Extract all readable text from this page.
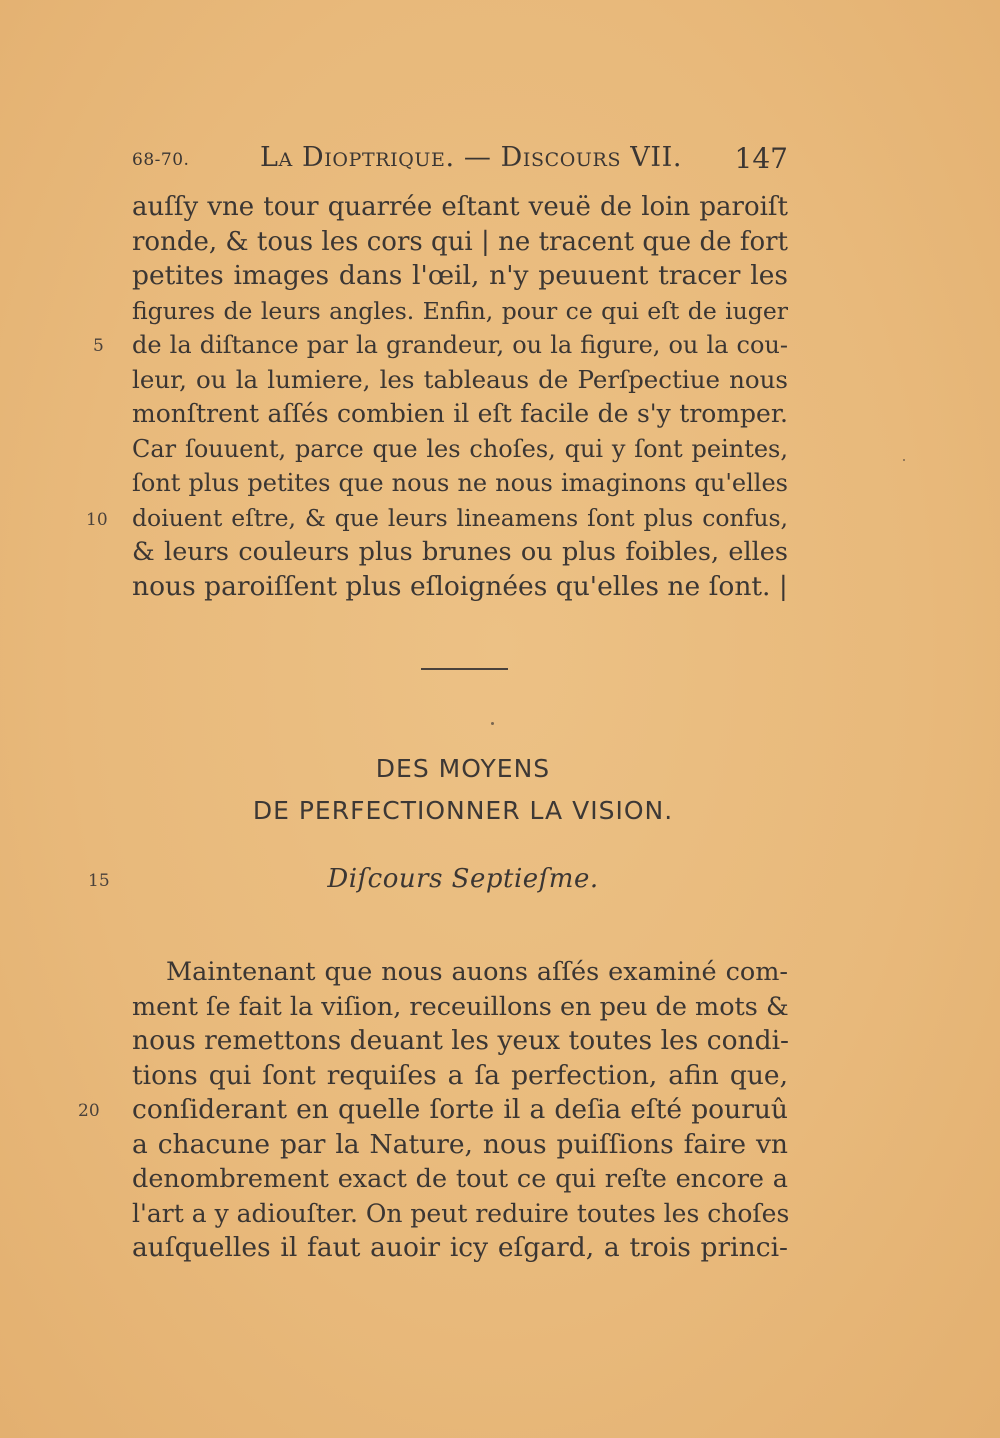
68-70.	La Dioptrique. — Discours VII. 147
auſſy vne tour quarrée eſtant veuë de loin paroiſt
ronde, & tous les cors qui | ne tracent que de fort
petites images dans l'œil, n'y peuuent tracer les
figures de leurs angles. Enfin, pour ce qui eſt de iuger
de la diſtance par la grandeur, ou la figure, ou la cou-
leur, ou la lumiere, les tableaus de Perſpectiue nous
monſtrent aſſés combien il eſt facile de s'y tromper.
Car ſouuent, parce que les choſes, qui y ſont peintes,
ſont plus petites que nous ne nous imaginons qu'elles
doiuent eſtre, & que leurs lineamens ſont plus confus,
& leurs couleurs plus brunes ou plus foibles, elles
nous paroiſſent plus eſloignées qu'elles ne ſont. |
5
10
DES MOYENS
DE PERFECTIONNER LA VISION.
15	Diſcours Septieſme.
Maintenant que nous auons aſſés examiné com-
ment ſe fait la viſion, receuillons en peu de mots &
nous remettons deuant les yeux toutes les condi-
tions qui ſont requiſes a ſa perfection, afin que,
conſiderant en quelle ſorte il a deſia eſté pouruû
a chacune par la Nature, nous puiſſions faire vn
denombrement exact de tout ce qui reſte encore a
l'art a y adiouſter. On peut reduire toutes les choſes
auſquelles il faut auoir icy eſgard, a trois princi-
20
